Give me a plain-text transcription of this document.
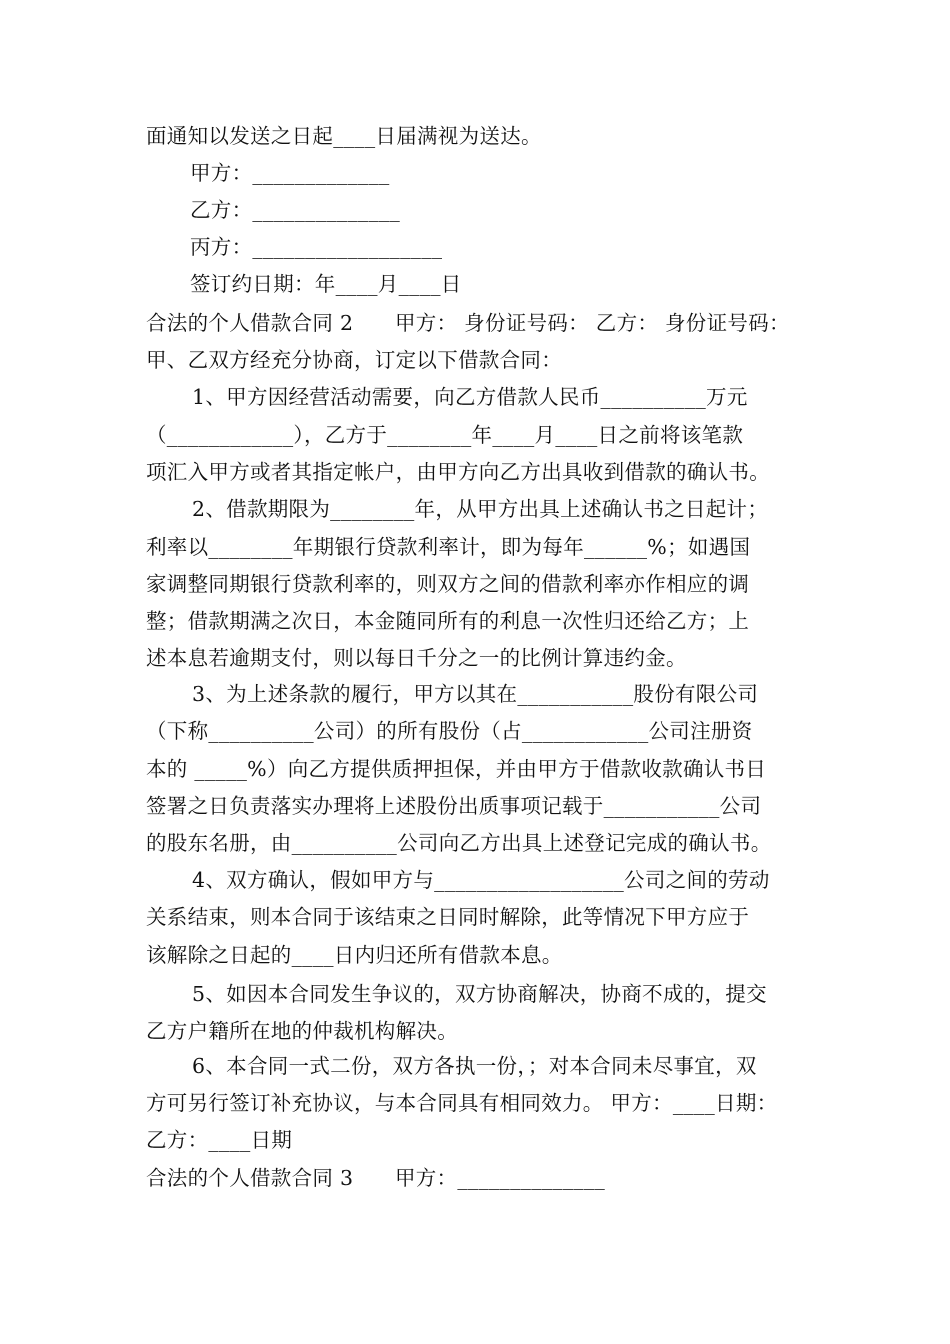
面通知以发送之日起____日届满视为送达。
甲方：_____________
乙方：______________
丙方：__________________
签订约日期：年____月____日
合法的个人借款合同 2　　甲方： 身份证号码： 乙方： 身份证号码：
甲、乙双方经充分协商，订定以下借款合同：
1、甲方因经营活动需要，向乙方借款人民币__________万元
（____________），乙方于________年____月____日之前将该笔款
项汇入甲方或者其指定帐户，由甲方向乙方出具收到借款的确认书。
2、借款期限为________年，从甲方出具上述确认书之日起计；
利率以________年期银行贷款利率计，即为每年______%；如遇国
家调整同期银行贷款利率的，则双方之间的借款利率亦作相应的调
整；借款期满之次日，本金随同所有的利息一次性归还给乙方；上
述本息若逾期支付，则以每日千分之一的比例计算违约金。
3、为上述条款的履行，甲方以其在___________股份有限公司
（下称__________公司）的所有股份（占____________公司注册资
本的 _____%）向乙方提供质押担保，并由甲方于借款收款确认书日
签署之日负责落实办理将上述股份出质事项记载于___________公司
的股东名册，由__________公司向乙方出具上述登记完成的确认书。
4、双方确认，假如甲方与__________________公司之间的劳动
关系结束，则本合同于该结束之日同时解除，此等情况下甲方应于
该解除之日起的____日内归还所有借款本息。
5、如因本合同发生争议的，双方协商解决，协商不成的，提交
乙方户籍所在地的仲裁机构解决。
6、本合同一式二份，双方各执一份，；对本合同未尽事宜，双
方可另行签订补充协议，与本合同具有相同效力。 甲方：____日期：
乙方：____日期
合法的个人借款合同 3　　甲方：______________
